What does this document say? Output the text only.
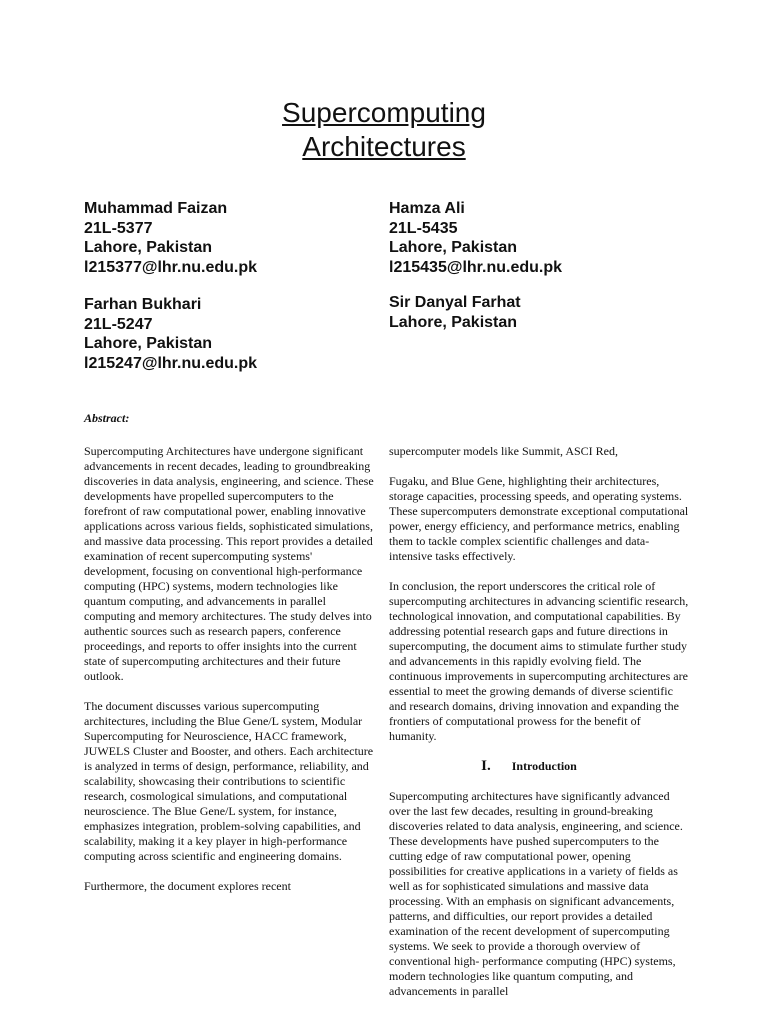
Supercomputing
Architectures
Muhammad Faizan
21L-5377
Lahore, Pakistan
l215377@lhr.nu.edu.pk
Hamza Ali
21L-5435
Lahore, Pakistan
l215435@lhr.nu.edu.pk
Farhan Bukhari
21L-5247
Lahore, Pakistan
l215247@lhr.nu.edu.pk
Sir Danyal Farhat
Lahore, Pakistan
Abstract:

Supercomputing Architectures have undergone significant advancements in recent decades, leading to groundbreaking discoveries in data analysis, engineering, and science. These developments have propelled supercomputers to the forefront of raw computational power, enabling innovative applications across various fields, sophisticated simulations, and massive data processing. This report provides a detailed examination of recent supercomputing systems' development, focusing on conventional high-performance computing (HPC) systems, modern technologies like quantum computing, and advancements in parallel computing and memory architectures. The study delves into authentic sources such as research papers, conference proceedings, and reports to offer insights into the current state of supercomputing architectures and their future outlook.

The document discusses various supercomputing architectures, including the Blue Gene/L system, Modular Supercomputing for Neuroscience, HACC framework, JUWELS Cluster and Booster, and others. Each architecture is analyzed in terms of design, performance, reliability, and scalability, showcasing their contributions to scientific research, cosmological simulations, and computational neuroscience. The Blue Gene/L system, for instance, emphasizes integration, problem-solving capabilities, and scalability, making it a key player in high-performance computing across scientific and engineering domains.

Furthermore, the document explores recent

supercomputer models like Summit, ASCI Red,

Fugaku, and Blue Gene, highlighting their architectures, storage capacities, processing speeds, and operating systems. These supercomputers demonstrate exceptional computational power, energy efficiency, and performance metrics, enabling them to tackle complex scientific challenges and data-intensive tasks effectively.

In conclusion, the report underscores the critical role of supercomputing architectures in advancing scientific research, technological innovation, and computational capabilities. By addressing potential research gaps and future directions in supercomputing, the document aims to stimulate further study and advancements in this rapidly evolving field. The continuous improvements in supercomputing architectures are essential to meet the growing demands of diverse scientific and research domains, driving innovation and expanding the frontiers of computational prowess for the benefit of humanity.

I. Introduction

Supercomputing architectures have significantly advanced over the last few decades, resulting in ground-breaking discoveries related to data analysis, engineering, and science. These developments have pushed supercomputers to the cutting edge of raw computational power, opening possibilities for creative applications in a variety of fields as well as for sophisticated simulations and massive data processing. With an emphasis on significant advancements, patterns, and difficulties, our report provides a detailed examination of the recent development of supercomputing systems. We seek to provide a thorough overview of conventional high- performance computing (HPC) systems, modern technologies like quantum computing, and advancements in parallel
